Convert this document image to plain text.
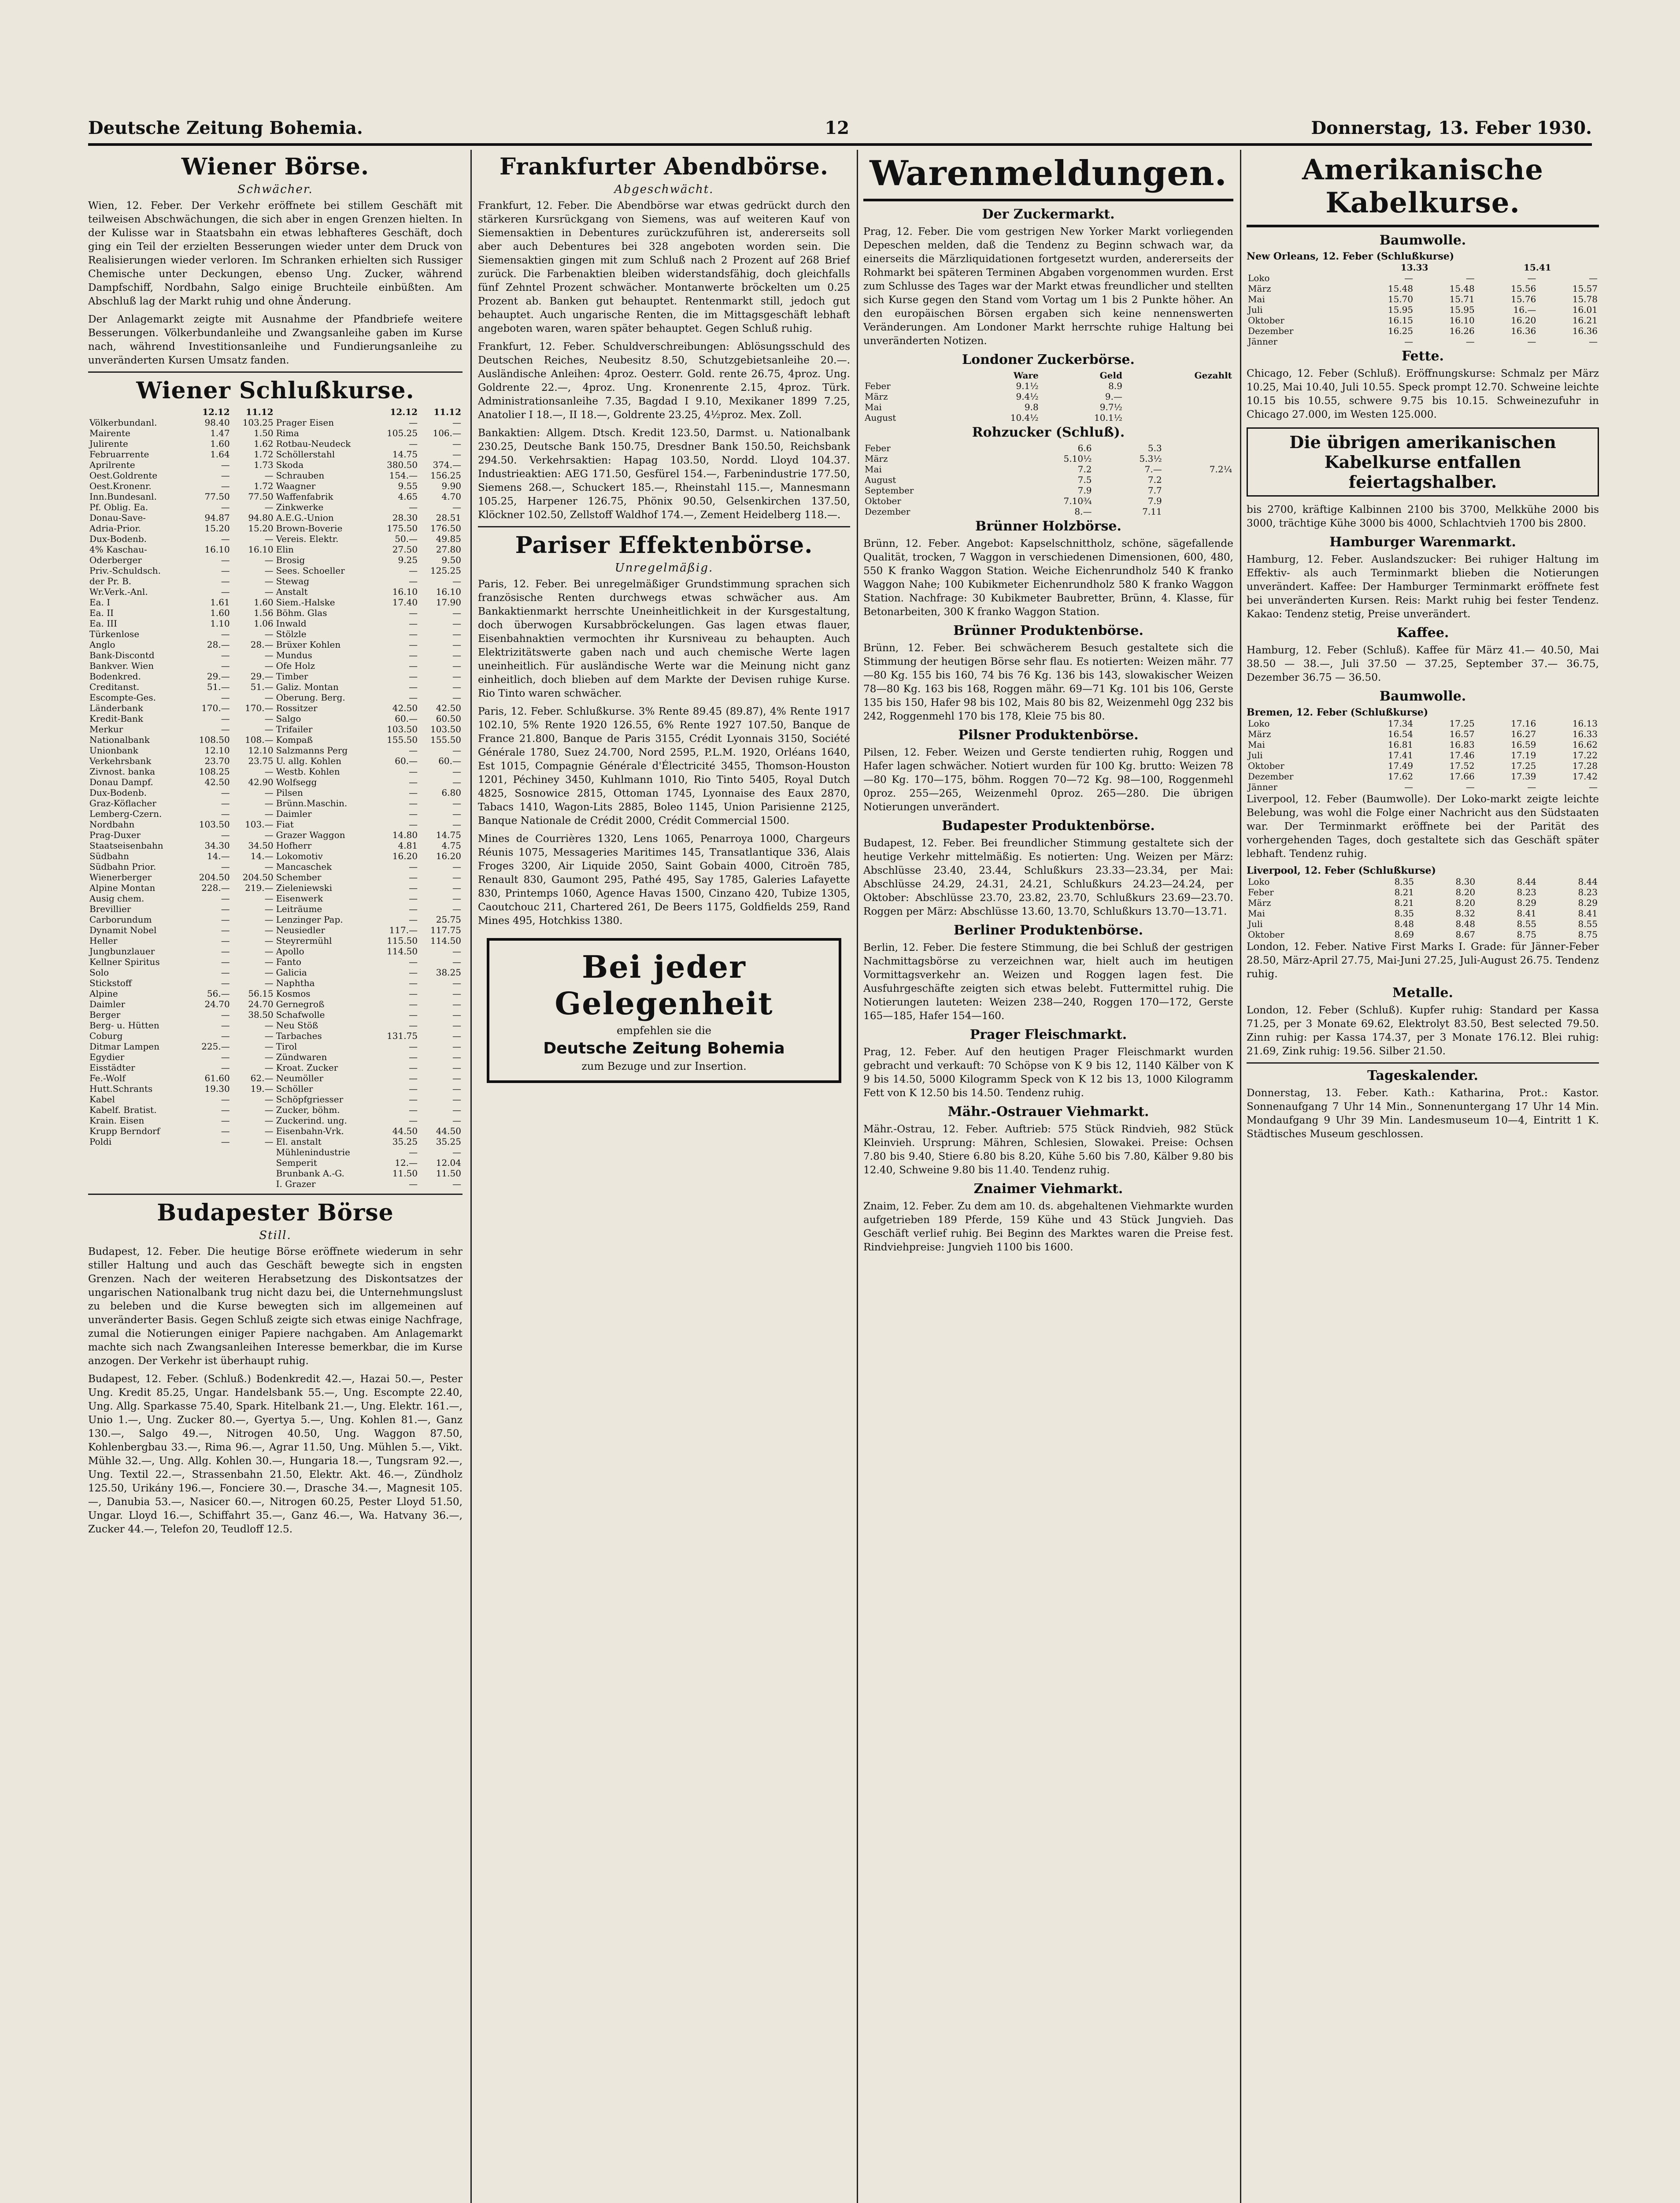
Deutsche Zeitung Bohemia.	12	Donnerstag, 13. Feber 1930.
Wiener Börse.
Schwächer.

Wien, 12. Feber. Der Verkehr eröffnete bei stillem Geschäft mit teilweisen Abschwächungen, die sich aber in engen Grenzen hielten. In der Kulisse war in Staatsbahn ein etwas lebhafteres Geschäft, doch ging ein Teil der erzielten Besserungen wieder unter dem Druck von Realisierungen wieder verloren. Im Schranken erhielten sich Russiger Chemische unter Deckungen, ebenso Ung. Zucker, während Dampfschiff, Nordbahn, Salgo einige Bruchteile einbüßten. Am Abschluß lag der Markt ruhig und ohne Änderung.

Der Anlagemarkt zeigte mit Ausnahme der Pfandbriefe weitere Besserungen. Völkerbundanleihe und Zwangsanleihe gaben im Kurse nach, während Investitionsanleihe und Fundierungsanleihe zu unveränderten Kursen Umsatz fanden.

Wiener Schlußkurse.
	12.12	11.12		12.12	11.12
Völkerbundanl.	98.40	103.25	Prager Eisen	—	—
Mairente	1.47	1.50	Rima	105.25	106.—
Julirente	1.60	1.62	Rotbau-Neudeck	—	—
Februarrente	1.64	1.72	Schöllerstahl	14.75	—
Aprilrente	—	1.73	Skoda	380.50	374.—
Oest.Goldrente	—	—	Schrauben	154.—	156.25
Oest.Kronenr.	—	1.72	Waagner	9.55	9.90
Inn.Bundesanl.	77.50	77.50	Waffenfabrik	4.65	4.70
Pf. Oblig. Ea.	—	—	Zinkwerke	—	—
Donau-Save-	94.87	94.80	A.E.G.-Union	28.30	28.51
Adria-Prior.	15.20	15.20	Brown-Boverie	175.50	176.50
Dux-Bodenb.	—	—	Vereis. Elektr.	50.—	49.85
4% Kaschau-	16.10	16.10	Elin	27.50	27.80
Oderberger	—	—	Brosig	9.25	9.50
Priv.-Schuldsch.	—	—	Sees. Schoeller	—	125.25
der Pr. B.	—	—	Stewag	—	—
Wr.Verk.-Anl.	—	—	Anstalt	16.10	16.10
Ea. I	1.61	1.60	Siem.-Halske	17.40	17.90
Ea. II	1.60	1.56	Böhm. Glas	—	—
Ea. III	1.10	1.06	Inwald	—	—
Türkenlose	—	—	Stölzle	—	—
Anglo	28.—	28.—	Brüxer Kohlen	—	—
Bank-Discontd	—	—	Mundus	—	—
Bankver. Wien	—	—	Ofe Holz	—	—
Bodenkred.	29.—	29.—	Timber	—	—
Creditanst.	51.—	51.—	Galiz. Montan	—	—
Escompte-Ges.	—	—	Oberung. Berg.	—	—
Länderbank	170.—	170.—	Rossitzer	42.50	42.50
Kredit-Bank	—	—	Salgo	60.—	60.50
Merkur	—	—	Trifailer	103.50	103.50
Nationalbank	108.50	108.—	Kompaß	155.50	155.50
Unionbank	12.10	12.10	Salzmanns Perg	—	—
Verkehrsbank	23.70	23.75	U. allg. Kohlen	60.—	60.—
Zivnost. banka	108.25	—	Westb. Kohlen	—	—
Donau Dampf.	42.50	42.90	Wolfsegg	—	—
Dux-Bodenb.	—	—	Pilsen	—	6.80
Graz-Köflacher	—	—	Brünn.Maschin.	—	—
Lemberg-Czern.	—	—	Daimler	—	—
Nordbahn	103.50	103.—	Fiat	—	—
Prag-Duxer	—	—	Grazer Waggon	14.80	14.75
Staatseisenbahn	34.30	34.50	Hofherr	4.81	4.75
Südbahn	14.—	14.—	Lokomotiv	16.20	16.20
Südbahn Prior.	—	—	Mancaschek	—	—
Wienerberger	204.50	204.50	Schember	—	—
Alpine Montan	228.—	219.—	Zieleniewski	—	—
Ausig chem.	—	—	Eisenwerk	—	—
Brevillier	—	—	Leiträume	—	—
Carborundum	—	—	Lenzinger Pap.	—	25.75
Dynamit Nobel	—	—	Neusiedler	117.—	117.75
Heller	—	—	Steyrermühl	115.50	114.50
Jungbunzlauer	—	—	Apollo	114.50	—
Kellner Spiritus	—	—	Fanto	—	—
Solo	—	—	Galicia	—	38.25
Stickstoff	—	—	Naphtha	—	—
Alpine	56.—	56.15	Kosmos	—	—
Daimler	24.70	24.70	Gernegroß	—	—
Berger	—	38.50	Schafwolle	—	—
Berg- u. Hütten	—	—	Neu Stöß	—	—
Coburg	—	—	Tarbaches	131.75	—
Ditmar Lampen	225.—	—	Tirol	—	—
Egydier	—	—	Zündwaren	—	—
Eisstädter	—	—	Kroat. Zucker	—	—
Fe.-Wolf	61.60	62.—	Neumöller	—	—
Hutt.Schrants	19.30	19.—	Schöller	—	—
Kabel	—	—	Schöpfgriesser	—	—
Kabelf. Bratist.	—	—	Zucker, böhm.	—	—
Krain. Eisen	—	—	Zuckerind. ung.	—	—
Krupp Berndorf	—	—	Eisenbahn-Vrk.	44.50	44.50
Poldi	—	—	El. anstalt	35.25	35.25
			Mühlenindustrie	—	—
			Semperit	12.—	12.04
			Brunbank A.-G.	11.50	11.50
			I. Grazer	—	—
Budapester Börse
Still.

Budapest, 12. Feber. Die heutige Börse eröffnete wiederum in sehr stiller Haltung und auch das Geschäft bewegte sich in engsten Grenzen. Nach der weiteren Herabsetzung des Diskontsatzes der ungarischen Nationalbank trug nicht dazu bei, die Unternehmungslust zu beleben und die Kurse bewegten sich im allgemeinen auf unveränderter Basis. Gegen Schluß zeigte sich etwas einige Nachfrage, zumal die Notierungen einiger Papiere nachgaben. Am Anlagemarkt machte sich nach Zwangsanleihen Interesse bemerkbar, die im Kurse anzogen. Der Verkehr ist überhaupt ruhig.

Budapest, 12. Feber. (Schluß.) Bodenkredit 42.—, Hazai 50.—, Pester Ung. Kredit 85.25, Ungar. Handelsbank 55.—, Ung. Escompte 22.40, Ung. Allg. Sparkasse 75.40, Spark. Hitelbank 21.—, Ung. Elektr. 161.—, Unio 1.—, Ung. Zucker 80.—, Gyertya 5.—, Ung. Kohlen 81.—, Ganz 130.—, Salgo 49.—, Nitrogen 40.50, Ung. Waggon 87.50, Kohlenbergbau 33.—, Rima 96.—, Agrar 11.50, Ung. Mühlen 5.—, Vikt. Mühle 32.—, Ung. Allg. Kohlen 30.—, Hungaria 18.—, Tungsram 92.—, Ung. Textil 22.—, Strassenbahn 21.50, Elektr. Akt. 46.—, Zündholz 125.50, Urikány 196.—, Fonciere 30.—, Drasche 34.—, Magnesit 105.—, Danubia 53.—, Nasicer 60.—, Nitrogen 60.25, Pester Lloyd 51.50, Ungar. Lloyd 16.—, Schiffahrt 35.—, Ganz 46.—, Wa. Hatvany 36.—, Zucker 44.—, Telefon 20, Teudloff 12.5.

Frankfurter Abendbörse.
Abgeschwächt.

Frankfurt, 12. Feber. Die Abendbörse war etwas gedrückt durch den stärkeren Kursrückgang von Siemens, was auf weiteren Kauf von Siemensaktien in Debentures zurückzuführen ist, andererseits soll aber auch Debentures bei 328 angeboten worden sein. Die Siemensaktien gingen mit zum Schluß nach 2 Prozent auf 268 Brief zurück. Die Farbenaktien bleiben widerstandsfähig, doch gleichfalls fünf Zehntel Prozent schwächer. Montanwerte bröckelten um 0.25 Prozent ab. Banken gut behauptet. Rentenmarkt still, jedoch gut behauptet. Auch ungarische Renten, die im Mittagsgeschäft lebhaft angeboten waren, waren später behauptet. Gegen Schluß ruhig.

Frankfurt, 12. Feber. Schuldverschreibungen: Ablösungsschuld des Deutschen Reiches, Neubesitz 8.50, Schutzgebietsanleihe 20.—. Ausländische Anleihen: 4proz. Oesterr. Gold. rente 26.75, 4proz. Ung. Goldrente 22.—, 4proz. Ung. Kronenrente 2.15, 4proz. Türk. Administrationsanleihe 7.35, Bagdad I 9.10, Mexikaner 1899 7.25, Anatolier I 18.—, II 18.—, Goldrente 23.25, 4½proz. Mex. Zoll.

Bankaktien: Allgem. Dtsch. Kredit 123.50, Darmst. u. Nationalbank 230.25, Deutsche Bank 150.75, Dresdner Bank 150.50, Reichsbank 294.50. Verkehrsaktien: Hapag 103.50, Nordd. Lloyd 104.37. Industrieaktien: AEG 171.50, Gesfürel 154.—, Farbenindustrie 177.50, Siemens 268.—, Schuckert 185.—, Rheinstahl 115.—, Mannesmann 105.25, Harpener 126.75, Phönix 90.50, Gelsenkirchen 137.50, Klöckner 102.50, Zellstoff Waldhof 174.—, Zement Heidelberg 118.—.

Pariser Effektenbörse.
Unregelmäßig.

Paris, 12. Feber. Bei unregelmäßiger Grundstimmung sprachen sich französische Renten durchwegs etwas schwächer aus. Am Bankaktienmarkt herrschte Uneinheitlichkeit in der Kursgestaltung, doch überwogen Kursabbröckelungen. Gas lagen etwas flauer, Eisenbahnaktien vermochten ihr Kursniveau zu behaupten. Auch Elektrizitätswerte gaben nach und auch chemische Werte lagen uneinheitlich. Für ausländische Werte war die Meinung nicht ganz einheitlich, doch blieben auf dem Markte der Devisen ruhige Kurse. Rio Tinto waren schwächer.

Paris, 12. Feber. Schlußkurse. 3% Rente 89.45 (89.87), 4% Rente 1917 102.10, 5% Rente 1920 126.55, 6% Rente 1927 107.50, Banque de France 21.800, Banque de Paris 3155, Crédit Lyonnais 3150, Société Générale 1780, Suez 24.700, Nord 2595, P.L.M. 1920, Orléans 1640, Est 1015, Compagnie Générale d'Électricité 3455, Thomson-Houston 1201, Péchiney 3450, Kuhlmann 1010, Rio Tinto 5405, Royal Dutch 4825, Sosnowice 2815, Ottoman 1745, Lyonnaise des Eaux 2870, Tabacs 1410, Wagon-Lits 2885, Boleo 1145, Union Parisienne 2125, Banque Nationale de Crédit 2000, Crédit Commercial 1500.

Mines de Courrières 1320, Lens 1065, Penarroya 1000, Chargeurs Réunis 1075, Messageries Maritimes 145, Transatlantique 336, Alais Froges 3200, Air Liquide 2050, Saint Gobain 4000, Citroën 785, Renault 830, Gaumont 295, Pathé 495, Say 1785, Galeries Lafayette 830, Printemps 1060, Agence Havas 1500, Cinzano 420, Tubize 1305, Caoutchouc 211, Chartered 261, De Beers 1175, Goldfields 259, Rand Mines 495, Hotchkiss 1380.

Bei jeder Gelegenheit
empfehlen sie die
Deutsche Zeitung Bohemia
zum Bezuge und zur Insertion.
Warenmeldungen.
Der Zuckermarkt.

Prag, 12. Feber. Die vom gestrigen New Yorker Markt vorliegenden Depeschen melden, daß die Tendenz zu Beginn schwach war, da einerseits die Märzliquidationen fortgesetzt wurden, andererseits der Rohmarkt bei späteren Terminen Abgaben vorgenommen wurden. Erst zum Schlusse des Tages war der Markt etwas freundlicher und stellten sich Kurse gegen den Stand vom Vortag um 1 bis 2 Punkte höher. An den europäischen Börsen ergaben sich keine nennenswerten Veränderungen. Am Londoner Markt herrschte ruhige Haltung bei unveränderten Notizen.

Londoner Zuckerbörse.
	Ware	Geld	Gezahlt
Feber	9.1½	8.9	
März	9.4½	9.—	
Mai	9.8	9.7½	
August	10.4½	10.1½	
Rohzucker (Schluß).
Feber	6.6	5.3	
März	5.10½	5.3½	
Mai	7.2	7.—	7.2¼
August	7.5	7.2	
September	7.9	7.7	
Oktober	7.10¾	7.9	
Dezember	8.—	7.11	
Brünner Holzbörse.

Brünn, 12. Feber. Angebot: Kapselschnittholz, schöne, sägefallende Qualität, trocken, 7 Waggon in verschiedenen Dimensionen, 600, 480, 550 K franko Waggon Station. Weiche Eichenrundholz 540 K franko Waggon Nahe; 100 Kubikmeter Eichenrundholz 580 K franko Waggon Station. Nachfrage: 30 Kubikmeter Baubretter, Brünn, 4. Klasse, für Betonarbeiten, 300 K franko Waggon Station.

Brünner Produktenbörse.

Brünn, 12. Feber. Bei schwächerem Besuch gestaltete sich die Stimmung der heutigen Börse sehr flau. Es notierten: Weizen mähr. 77—80 Kg. 155 bis 160, 74 bis 76 Kg. 136 bis 143, slowakischer Weizen 78—80 Kg. 163 bis 168, Roggen mähr. 69—71 Kg. 101 bis 106, Gerste 135 bis 150, Hafer 98 bis 102, Mais 80 bis 82, Weizenmehl 0gg 232 bis 242, Roggenmehl 170 bis 178, Kleie 75 bis 80.

Pilsner Produktenbörse.

Pilsen, 12. Feber. Weizen und Gerste tendierten ruhig, Roggen und Hafer lagen schwächer. Notiert wurden für 100 Kg. brutto: Weizen 78—80 Kg. 170—175, böhm. Roggen 70—72 Kg. 98—100, Roggenmehl 0proz. 255—265, Weizenmehl 0proz. 265—280. Die übrigen Notierungen unverändert.

Budapester Produktenbörse.

Budapest, 12. Feber. Bei freundlicher Stimmung gestaltete sich der heutige Verkehr mittelmäßig. Es notierten: Ung. Weizen per März: Abschlüsse 23.40, 23.44, Schlußkurs 23.33—23.34, per Mai: Abschlüsse 24.29, 24.31, 24.21, Schlußkurs 24.23—24.24, per Oktober: Abschlüsse 23.70, 23.82, 23.70, Schlußkurs 23.69—23.70. Roggen per März: Abschlüsse 13.60, 13.70, Schlußkurs 13.70—13.71.

Berliner Produktenbörse.

Berlin, 12. Feber. Die festere Stimmung, die bei Schluß der gestrigen Nachmittagsbörse zu verzeichnen war, hielt auch im heutigen Vormittagsverkehr an. Weizen und Roggen lagen fest. Die Ausfuhrgeschäfte zeigten sich etwas belebt. Futtermittel ruhig. Die Notierungen lauteten: Weizen 238—240, Roggen 170—172, Gerste 165—185, Hafer 154—160.

Prager Fleischmarkt.

Prag, 12. Feber. Auf den heutigen Prager Fleischmarkt wurden gebracht und verkauft: 70 Schöpse von K 9 bis 12, 1140 Kälber von K 9 bis 14.50, 5000 Kilogramm Speck von K 12 bis 13, 1000 Kilogramm Fett von K 12.50 bis 14.50. Tendenz ruhig.

Mähr.-Ostrauer Viehmarkt.

Mähr.-Ostrau, 12. Feber. Auftrieb: 575 Stück Rindvieh, 982 Stück Kleinvieh. Ursprung: Mähren, Schlesien, Slowakei. Preise: Ochsen 7.80 bis 9.40, Stiere 6.80 bis 8.20, Kühe 5.60 bis 7.80, Kälber 9.80 bis 12.40, Schweine 9.80 bis 11.40. Tendenz ruhig.

Znaimer Viehmarkt.

Znaim, 12. Feber. Zu dem am 10. ds. abgehaltenen Viehmarkte wurden aufgetrieben 189 Pferde, 159 Kühe und 43 Stück Jungvieh. Das Geschäft verlief ruhig. Bei Beginn des Marktes waren die Preise fest. Rindviehpreise: Jungvieh 1100 bis 1600.

Amerikanische Kabelkurse.
Baumwolle.
New Orleans, 12. Feber (Schlußkurse)
	13.33		15.41	
Loko	—	—	—	—
März	15.48	15.48	15.56	15.57
Mai	15.70	15.71	15.76	15.78
Juli	15.95	15.95	16.—	16.01
Oktober	16.15	16.10	16.20	16.21
Dezember	16.25	16.26	16.36	16.36
Jänner	—	—	—	—
Fette.

Chicago, 12. Feber (Schluß). Eröffnungskurse: Schmalz per März 10.25, Mai 10.40, Juli 10.55. Speck prompt 12.70. Schweine leichte 10.15 bis 10.55, schwere 9.75 bis 10.15. Schweinezufuhr in Chicago 27.000, im Westen 125.000.

Die übrigen amerikanischen Kabelkurse entfallen feiertagshalber.

bis 2700, kräftige Kalbinnen 2100 bis 3700, Melkkühe 2000 bis 3000, trächtige Kühe 3000 bis 4000, Schlachtvieh 1700 bis 2800.

Hamburger Warenmarkt.

Hamburg, 12. Feber. Auslandszucker: Bei ruhiger Haltung im Effektiv- als auch Terminmarkt blieben die Notierungen unverändert. Kaffee: Der Hamburger Terminmarkt eröffnete fest bei unveränderten Kursen. Reis: Markt ruhig bei fester Tendenz. Kakao: Tendenz stetig, Preise unverändert.

Kaffee.

Hamburg, 12. Feber (Schluß). Kaffee für März 41.— 40.50, Mai 38.50 — 38.—, Juli 37.50 — 37.25, September 37.— 36.75, Dezember 36.75 — 36.50.

Baumwolle.
Bremen, 12. Feber (Schlußkurse)
Loko	17.34	17.25	17.16	16.13
März	16.54	16.57	16.27	16.33
Mai	16.81	16.83	16.59	16.62
Juli	17.41	17.46	17.19	17.22
Oktober	17.49	17.52	17.25	17.28
Dezember	17.62	17.66	17.39	17.42
Jänner	—	—	—	—

Liverpool, 12. Feber (Baumwolle). Der Loko-markt zeigte leichte Belebung, was wohl die Folge einer Nachricht aus den Südstaaten war. Der Terminmarkt eröffnete bei der Parität des vorhergehenden Tages, doch gestaltete sich das Geschäft später lebhaft. Tendenz ruhig.

Liverpool, 12. Feber (Schlußkurse)
Loko	8.35	8.30	8.44	8.44
Feber	8.21	8.20	8.23	8.23
März	8.21	8.20	8.29	8.29
Mai	8.35	8.32	8.41	8.41
Juli	8.48	8.48	8.55	8.55
Oktober	8.69	8.67	8.75	8.75

London, 12. Feber. Native First Marks I. Grade: für Jänner-Feber 28.50, März-April 27.75, Mai-Juni 27.25, Juli-August 26.75. Tendenz ruhig.

Metalle.

London, 12. Feber (Schluß). Kupfer ruhig: Standard per Kassa 71.25, per 3 Monate 69.62, Elektrolyt 83.50, Best selected 79.50. Zinn ruhig: per Kassa 174.37, per 3 Monate 176.12. Blei ruhig: 21.69, Zink ruhig: 19.56. Silber 21.50.

Tageskalender.

Donnerstag, 13. Feber. Kath.: Katharina, Prot.: Kastor. Sonnenaufgang 7 Uhr 14 Min., Sonnenuntergang 17 Uhr 14 Min. Mondaufgang 9 Uhr 39 Min. Landesmuseum 10—4, Eintritt 1 K. Städtisches Museum geschlossen.
